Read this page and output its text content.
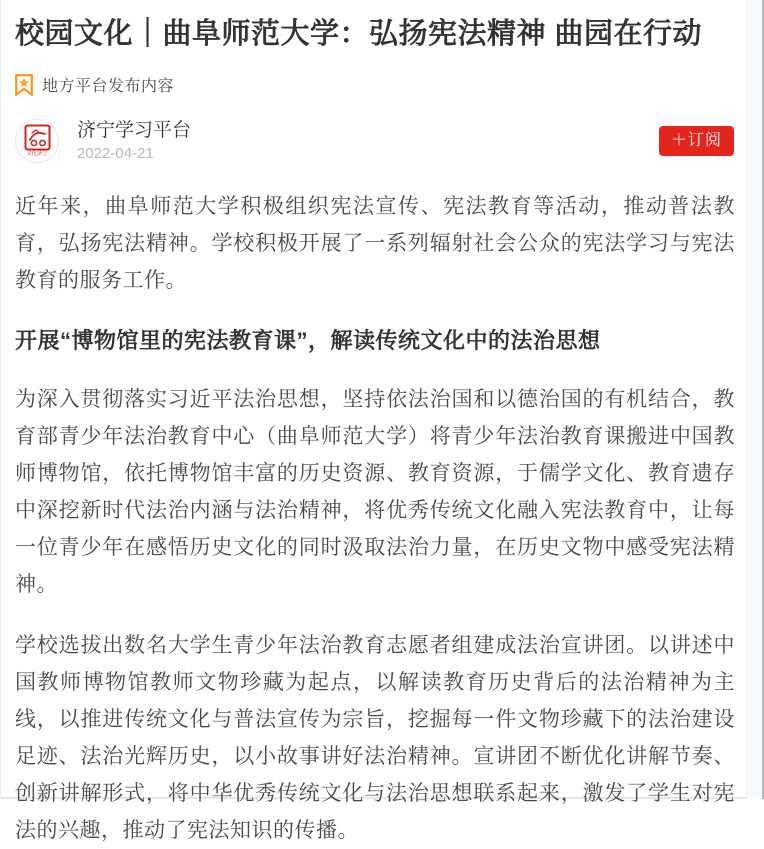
校园文化｜曲阜师范大学：弘扬宪法精神 曲园在行动
地方平台发布内容
文化济宁
济宁学习平台
2022-04-21
＋订阅

近年来，曲阜师范大学积极组织宪法宣传、宪法教育等活动，推动普法教育，弘扬宪法精神。学校积极开展了一系列辐射社会公众的宪法学习与宪法教育的服务工作。

开展“博物馆里的宪法教育课”，解读传统文化中的法治思想

为深入贯彻落实习近平法治思想，坚持依法治国和以德治国的有机结合，教育部青少年法治教育中心（曲阜师范大学）将青少年法治教育课搬进中国教师博物馆，依托博物馆丰富的历史资源、教育资源，于儒学文化、教育遗存中深挖新时代法治内涵与法治精神，将优秀传统文化融入宪法教育中，让每一位青少年在感悟历史文化的同时汲取法治力量，在历史文物中感受宪法精神。

学校选拔出数名大学生青少年法治教育志愿者组建成法治宣讲团。以讲述中国教师博物馆教师文物珍藏为起点，以解读教育历史背后的法治精神为主线，以推进传统文化与普法宣传为宗旨，挖掘每一件文物珍藏下的法治建设足迹、法治光辉历史，以小故事讲好法治精神。宣讲团不断优化讲解节奏、创新讲解形式，将中华优秀传统文化与法治思想联系起来，激发了学生对宪法的兴趣，推动了宪法知识的传播。
